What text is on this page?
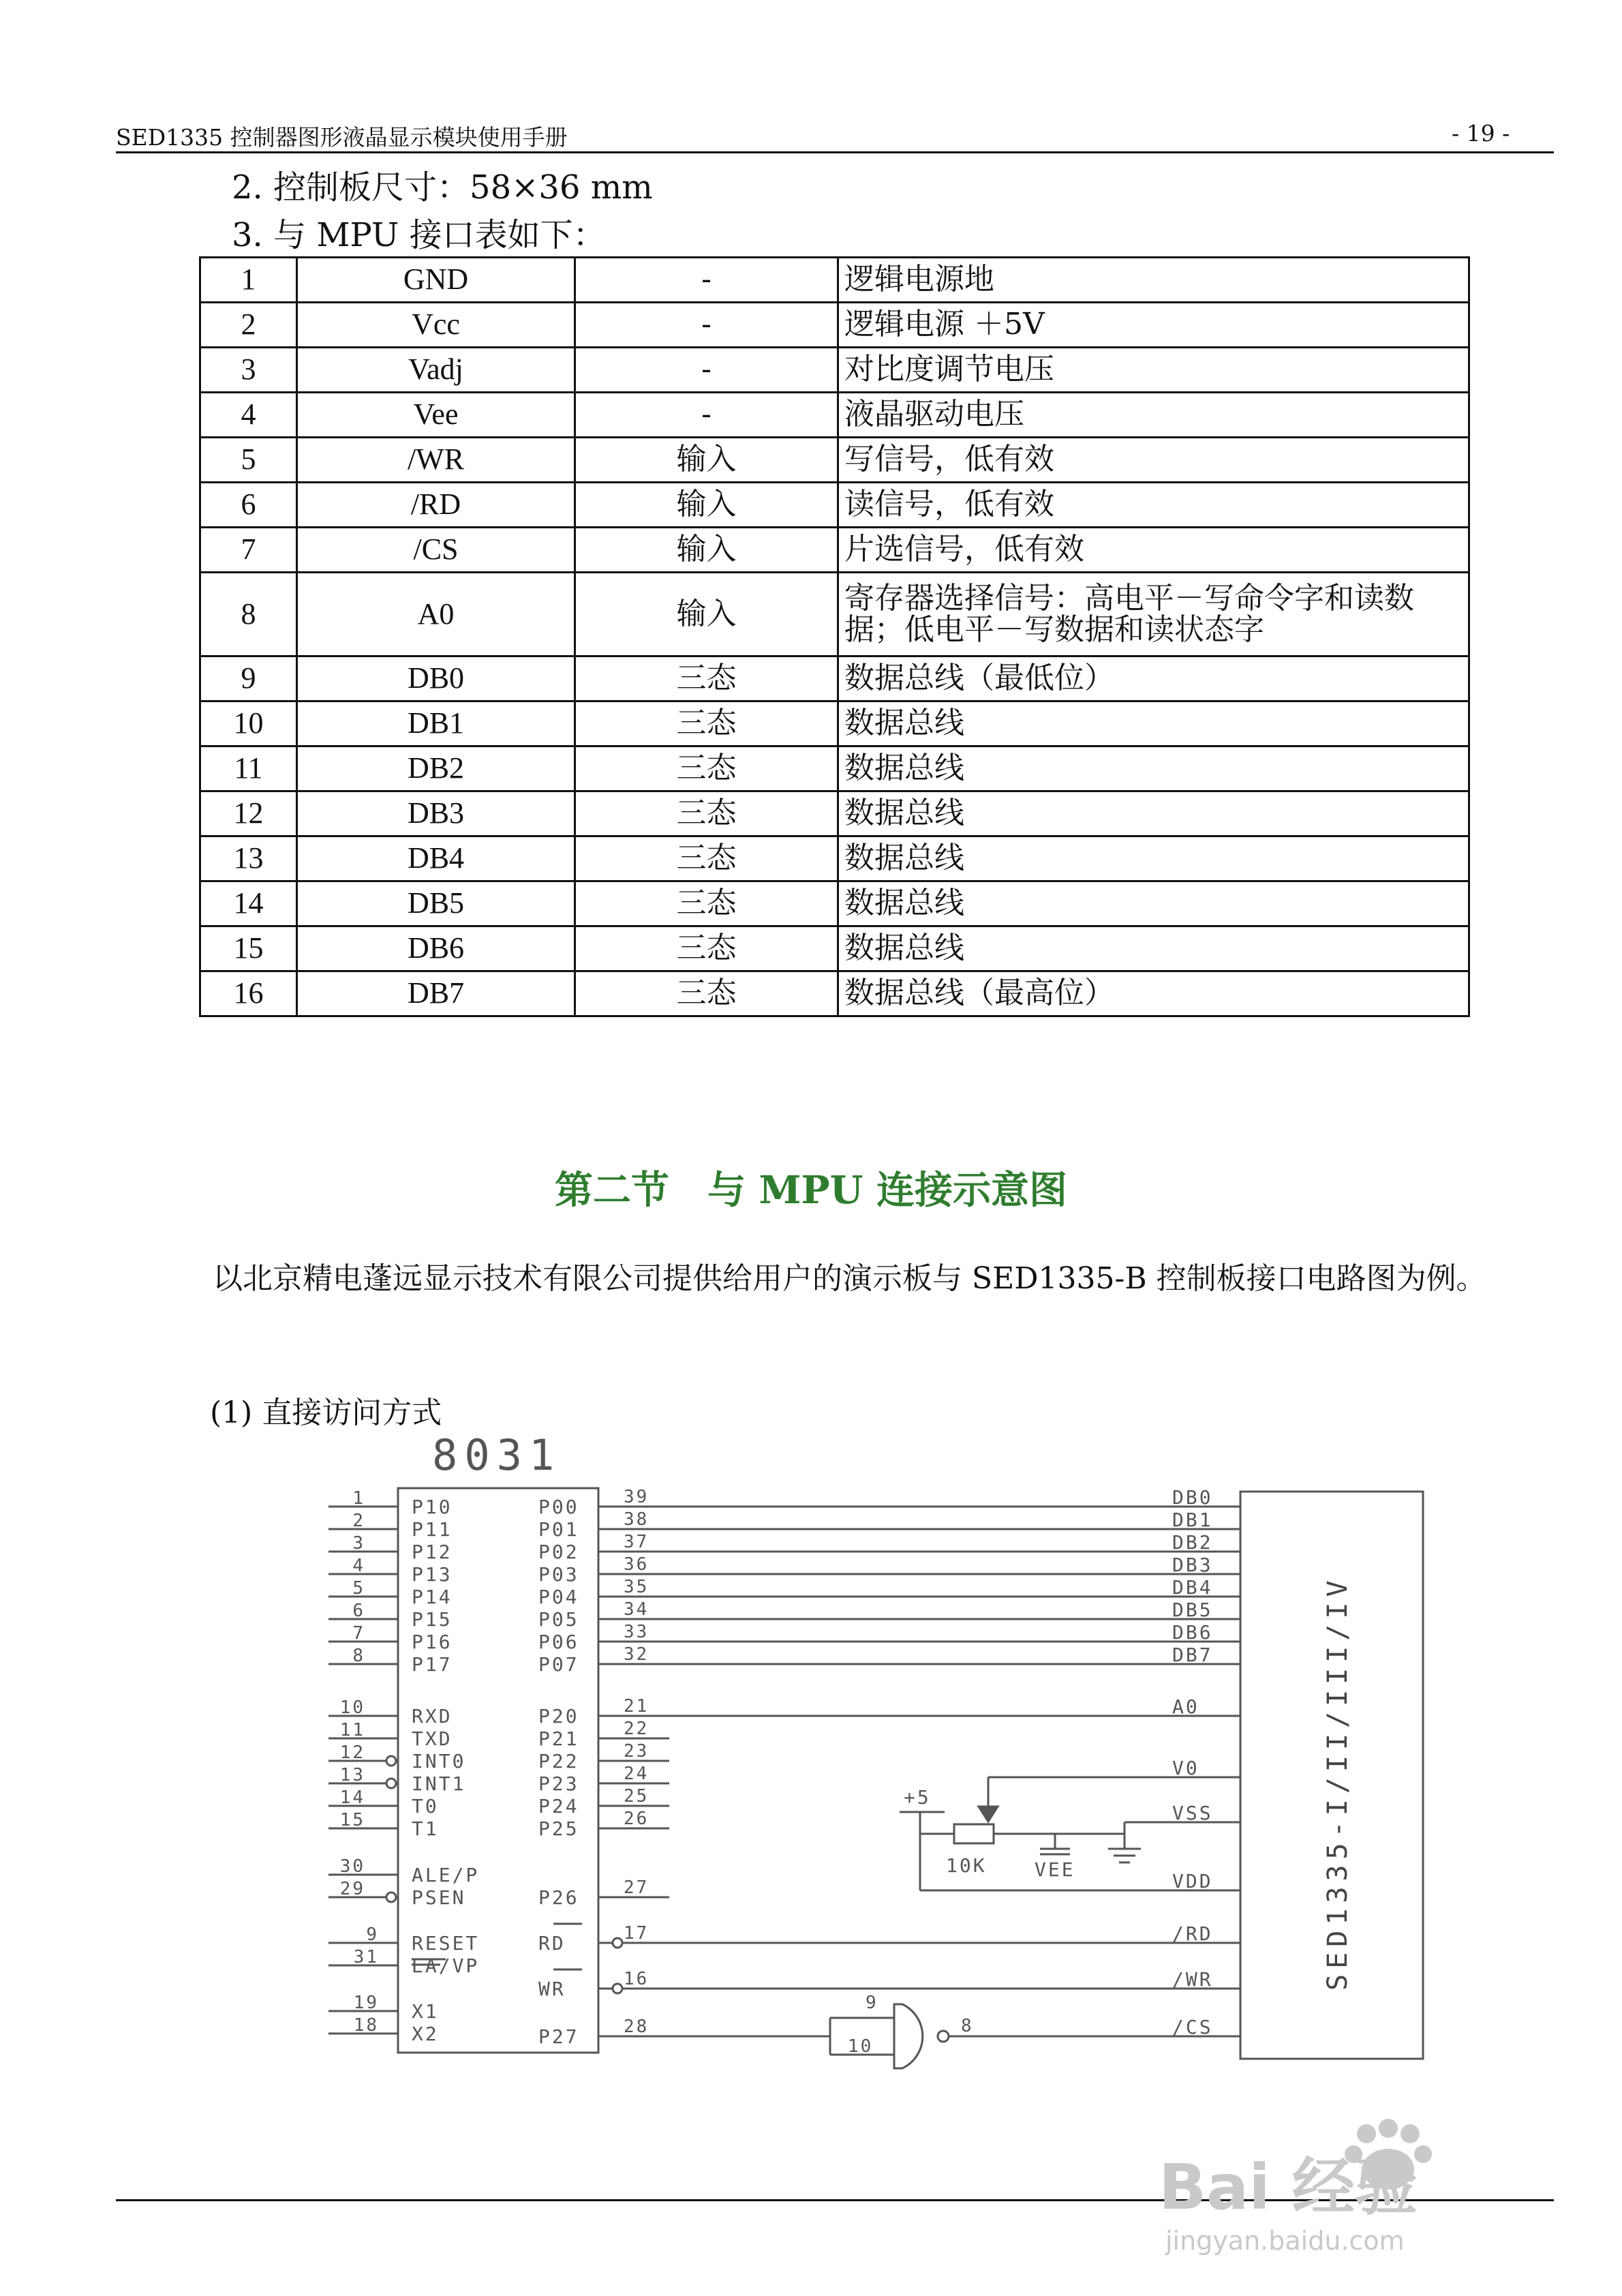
SED1335 控制器图形液晶显示模块使用手册	- 19 -
2. 控制板尺寸：58×36 mm
3. 与 MPU 接口表如下：
1	GND	-	逻辑电源地
2	Vcc	-	逻辑电源 ＋5V
3	Vadj	-	对比度调节电压
4	Vee	-	液晶驱动电压
5	/WR	输入	写信号，低有效
6	/RD	输入	读信号，低有效
7	/CS	输入	片选信号，低有效
8	A0	输入	寄存器选择信号：高电平－写命令字和读数据；低电平－写数据和读状态字
9	DB0	三态	数据总线（最低位）
10	DB1	三态	数据总线
11	DB2	三态	数据总线
12	DB3	三态	数据总线
13	DB4	三态	数据总线
14	DB5	三态	数据总线
15	DB6	三态	数据总线
16	DB7	三态	数据总线（最高位）
第二节　与 MPU 连接示意图
以北京精电蓬远显示技术有限公司提供给用户的演示板与 SED1335-B 控制板接口电路图为例。
(1) 直接访问方式
8031
1 P10
2 P11
3 P12
4 P13
5 P14
6 P15
7 P16
8 P17
10 RXD
11 TXD
12 INT0
13 INT1
14 T0
15 T1
30 ALE/P
29 PSEN
9 RESET
31 EA/VP
19 X1
18 X2
39
P00	DB0
38
P01	DB1
37
P02	DB2
36
P03	DB3
35
P04	DB4
34
P05	DB5
33
P06	DB6
32
P07	DB7
21
P20
22
P21
23
P22
24
P23
25
P24
26
P25
27
P26
17
RD
16
WR
28
P27
A0
V0
VSS
VDD
/RD
/WR
/CS
SED1335-I/II/III/IV
+5
10K	VEE
9
10
8
Bai 经验
jingyan.baidu.com
